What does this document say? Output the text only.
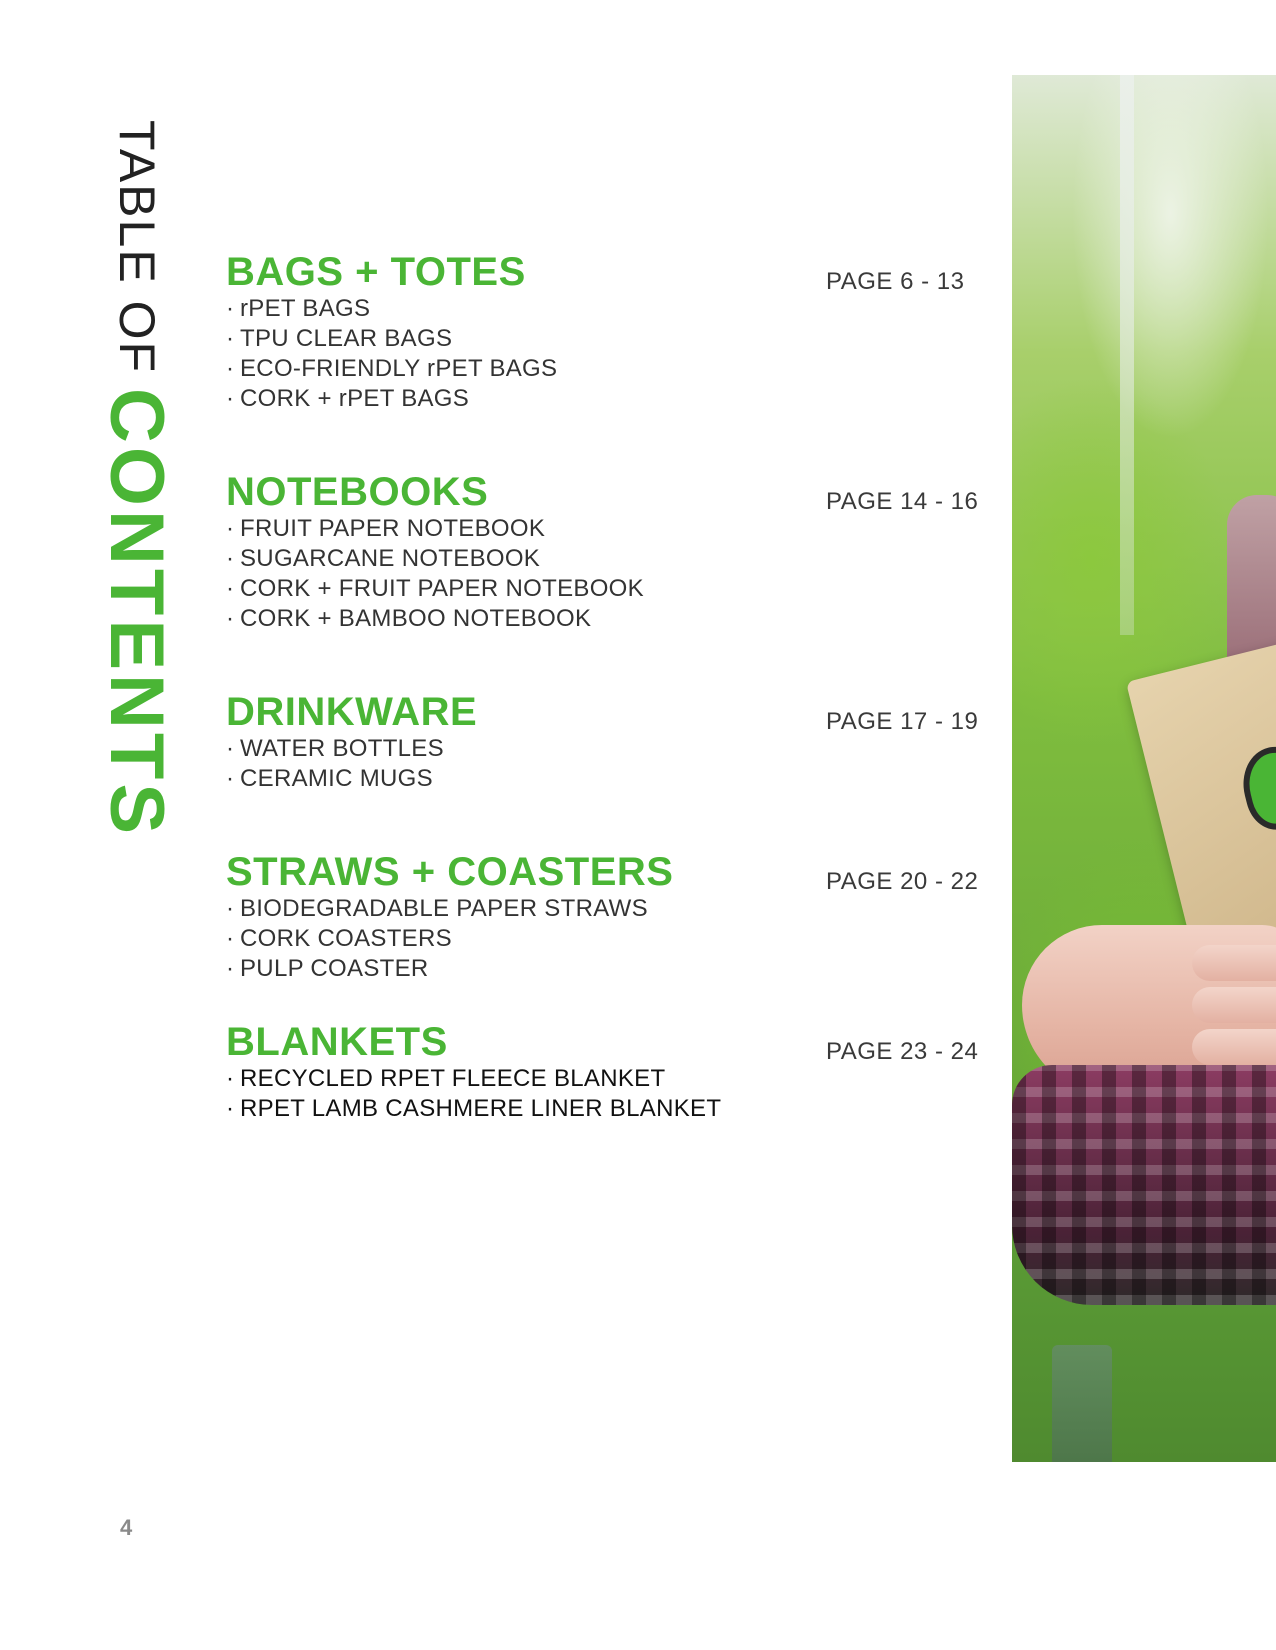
TABLE OF
CONTENTS
BAGS + TOTES
· rPET BAGS
· TPU CLEAR BAGS
· ECO-FRIENDLY rPET BAGS
· CORK + rPET BAGS
PAGE 6 - 13
NOTEBOOKS
· FRUIT PAPER NOTEBOOK
· SUGARCANE NOTEBOOK
· CORK + FRUIT PAPER NOTEBOOK
· CORK + BAMBOO NOTEBOOK
PAGE 14 - 16
DRINKWARE
· WATER BOTTLES
· CERAMIC MUGS
PAGE 17 - 19
STRAWS + COASTERS
· BIODEGRADABLE PAPER STRAWS
· CORK COASTERS
· PULP COASTER
PAGE 20 - 22
BLANKETS
· RECYCLED RPET FLEECE BLANKET
· RPET LAMB CASHMERE LINER BLANKET
PAGE 23 - 24
4
